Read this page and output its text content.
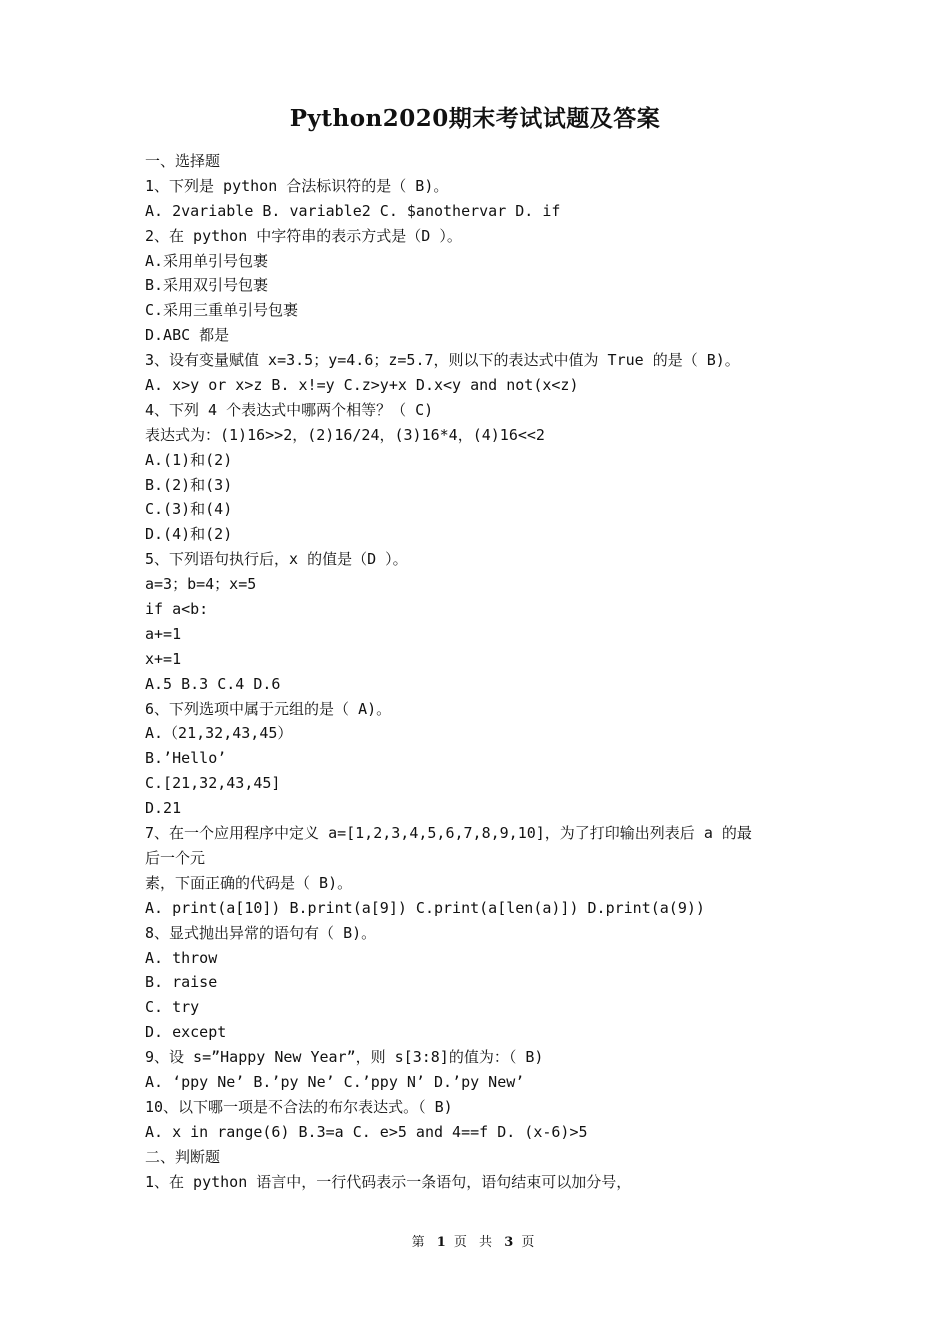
Python2020期末考试试题及答案
一、选择题
1、下列是 python 合法标识符的是（ B)。
A. 2variable B. variable2 C. $anothervar D. if
2、在 python 中字符串的表示方式是（D ）。
A.采用单引号包裹
B.采用双引号包裹
C.采用三重单引号包裹
D.ABC 都是
3、设有变量赋值 x=3.5；y=4.6；z=5.7，则以下的表达式中值为 True 的是（ B)。
A. x>y or x>z B. x!=y C.z>y+x D.x<y and not(x<z)
4、下列 4 个表达式中哪两个相等？（ C)
表达式为：(1)16>>2，(2)16/24，(3)16*4，(4)16<<2
A.(1)和(2)
B.(2)和(3)
C.(3)和(4)
D.(4)和(2)
5、下列语句执行后，x 的值是（D ）。
a=3；b=4；x=5
if a<b:
a+=1
x+=1
A.5 B.3 C.4 D.6
6、下列选项中属于元组的是（ A)。
A.（21,32,43,45）
B.’Hello’
C.[21,32,43,45]
D.21
7、在一个应用程序中定义 a=[1,2,3,4,5,6,7,8,9,10]，为了打印输出列表后 a 的最
后一个元
素，下面正确的代码是（ B)。
A. print(a[10]) B.print(a[9]) C.print(a[len(a)]) D.print(a(9))
8、显式抛出异常的语句有（ B)。
A. throw
B. raise
C. try
D. except
9、设 s=”Happy New Year”，则 s[3:8]的值为：（ B)
A. ‘ppy Ne’ B.’py Ne’ C.’ppy N’ D.’py New’
10、以下哪一项是不合法的布尔表达式。（ B)
A. x in range(6) B.3=a C. e>5 and 4==f D. (x-6)>5
二、判断题
1、在 python 语言中，一行代码表示一条语句，语句结束可以加分号，
第 1 页 共 3 页
